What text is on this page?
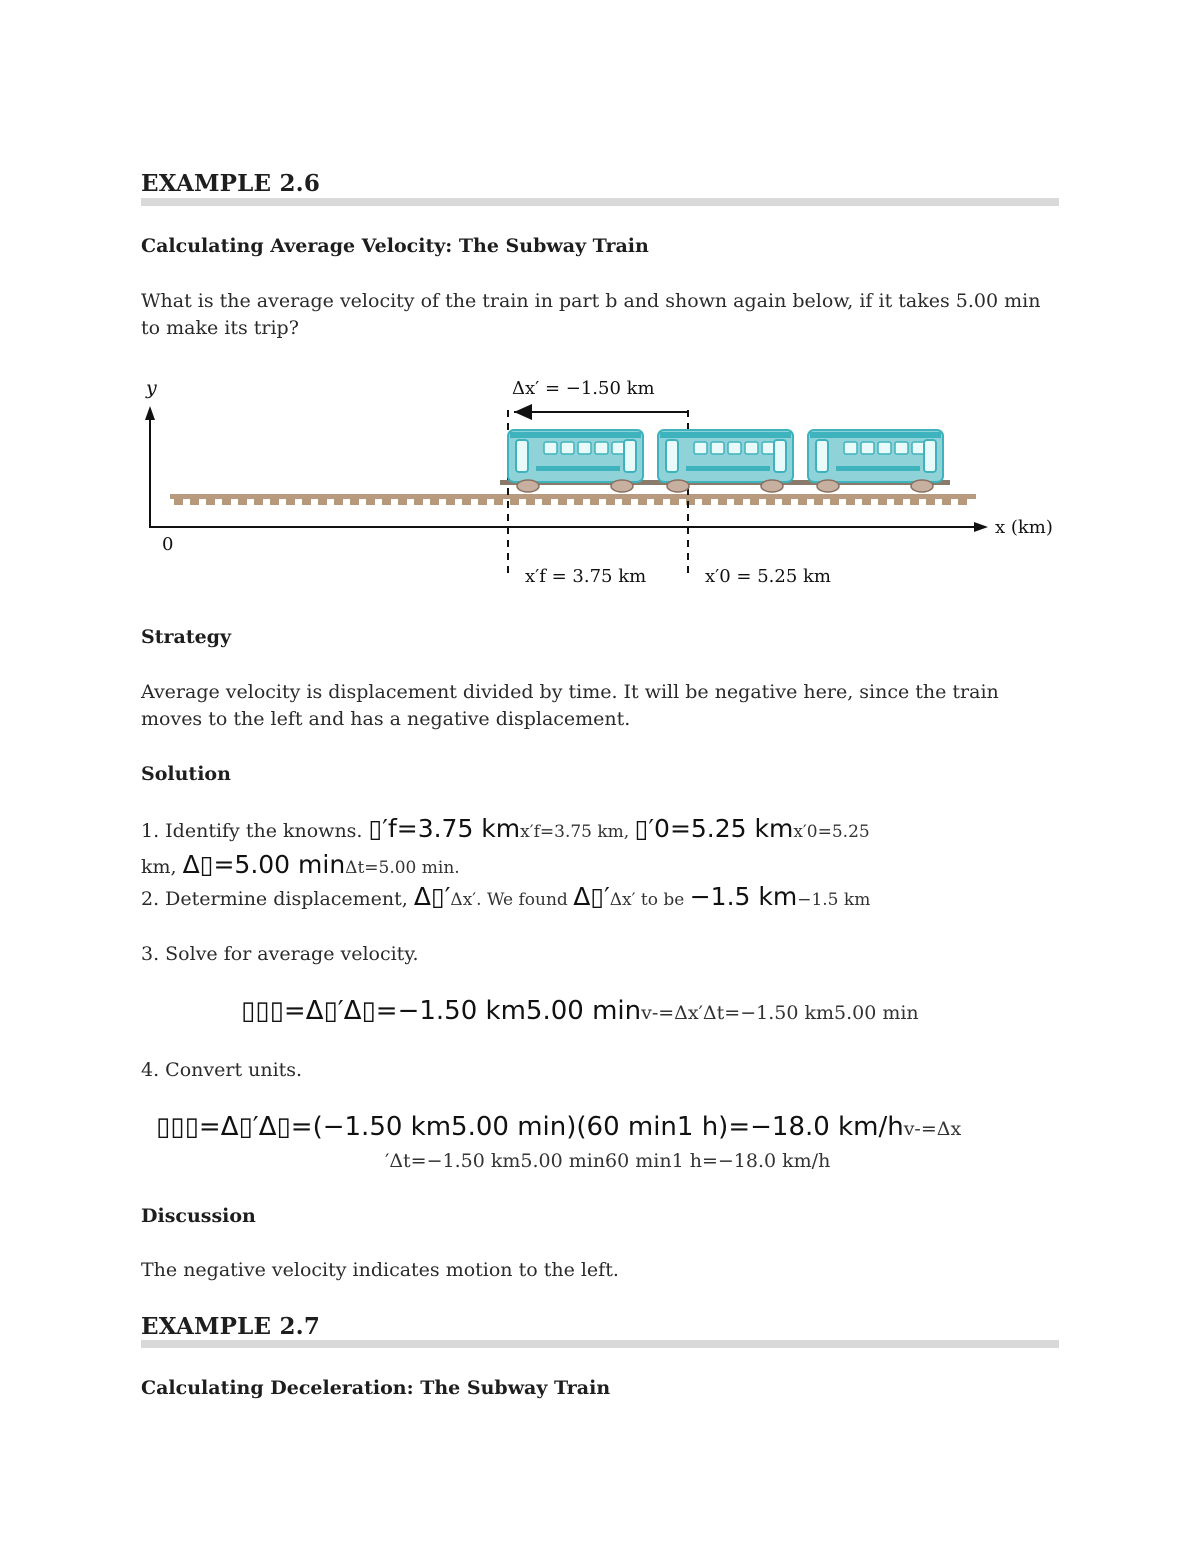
EXAMPLE 2.6
Calculating Average Velocity: The Subway Train
What is the average velocity of the train in part b and shown again below, if it takes 5.00 min to make its trip?
Strategy
Average velocity is displacement divided by time. It will be negative here, since the train moves to the left and has a negative displacement.
Solution
1. Identify the knowns. ▯′f=3.75 kmx′f=3.75 km, ▯′0=5.25 kmx′0=5.25
km, Δ▯=5.00 minΔt=5.00 min.
2. Determine displacement, Δ▯′Δx′. We found Δ▯′Δx′ to be −1.5 km−1.5 km
3. Solve for average velocity.
▯▯▯=Δ▯′Δ▯=−1.50 km5.00 minv-=Δx′Δt=−1.50 km5.00 min
4. Convert units.
▯▯▯=Δ▯′Δ▯=(−1.50 km5.00 min)(60 min1 h)=−18.0 km/hv-=Δx
′Δt=−1.50 km5.00 min60 min1 h=−18.0 km/h
Discussion
The negative velocity indicates motion to the left.
EXAMPLE 2.7
Calculating Deceleration: The Subway Train
y
x (km)
0
Δx′ = −1.50 km
x′f = 3.75 km	x′0 = 5.25 km
